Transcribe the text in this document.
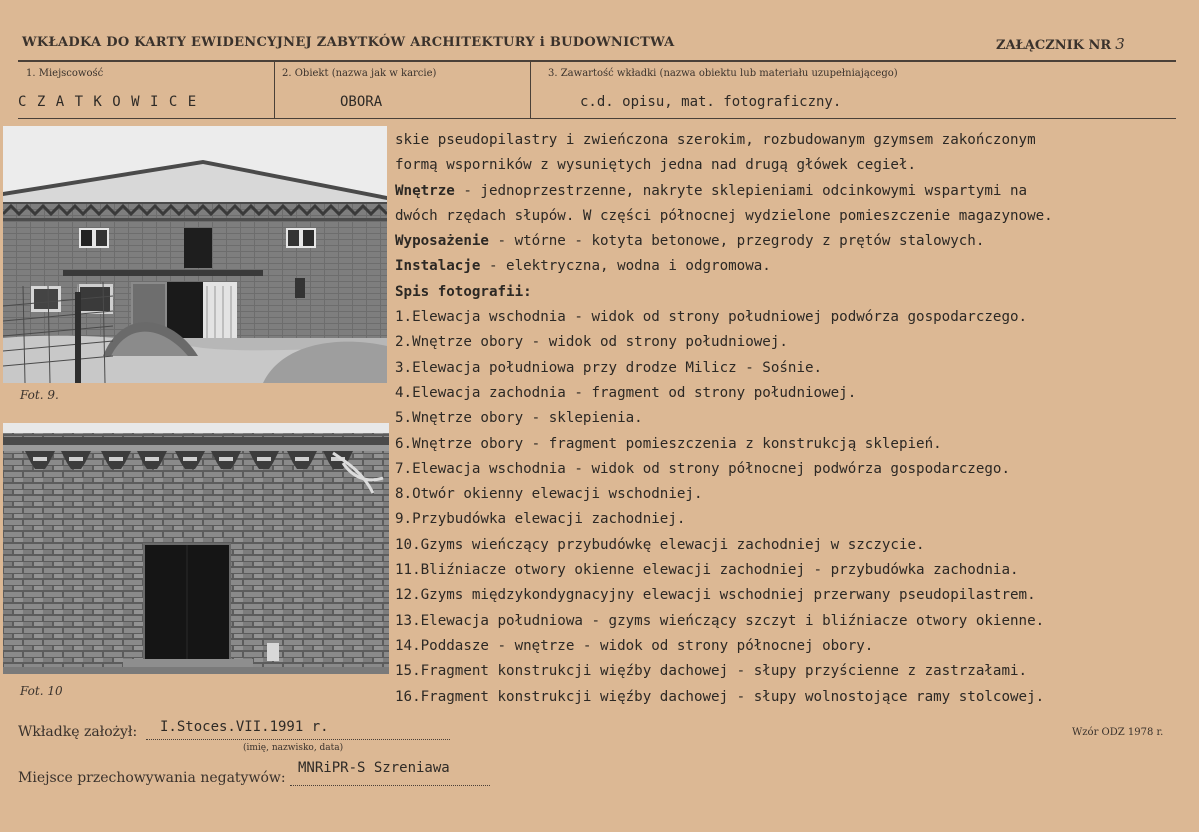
WKŁADKA DO KARTY EWIDENCYJNEJ ZABYTKÓW ARCHITEKTURY i BUDOWNICTWA	ZAŁĄCZNIK NR 3
1. Miejscowość
C Z A T K O W I C E
2. Obiekt (nazwa jak w karcie)
OBORA
3. Zawartość wkładki (nazwa obiektu lub materiału uzupełniającego)
c.d. opisu, mat. fotograficzny.
Fot. 9.
Fot. 10
skie pseudopilastry i zwieńczona szerokim, rozbudowanym gzymsem zakończonym
formą wsporników z wysuniętych jedna nad drugą główek cegieł.
Wnętrze - jednoprzestrzenne, nakryte sklepieniami odcinkowymi wspartymi na
dwóch rzędach słupów. W części północnej wydzielone pomieszczenie magazynowe.
Wyposażenie - wtórne - kotyta betonowe, przegrody z prętów stalowych.
Instalacje - elektryczna, wodna i odgromowa.
Spis fotografii:
1.Elewacja wschodnia - widok od strony południowej podwórza gospodarczego.
2.Wnętrze obory - widok od strony południowej.
3.Elewacja południowa przy drodze Milicz - Sośnie.
4.Elewacja zachodnia - fragment od strony południowej.
5.Wnętrze obory - sklepienia.
6.Wnętrze obory - fragment pomieszczenia z konstrukcją sklepień.
7.Elewacja wschodnia - widok od strony północnej podwórza gospodarczego.
8.Otwór okienny elewacji wschodniej.
9.Przybudówka elewacji zachodniej.
10.Gzyms wieńczący przybudówkę elewacji zachodniej w szczycie.
11.Bliźniacze otwory okienne elewacji zachodniej - przybudówka zachodnia.
12.Gzyms międzykondygnacyjny elewacji wschodniej przerwany pseudopilastrem.
13.Elewacja południowa - gzyms wieńczący szczyt i bliźniacze otwory okienne.
14.Poddasze - wnętrze - widok od strony północnej obory.
15.Fragment konstrukcji więźby dachowej - słupy przyścienne z zastrzałami.
16.Fragment konstrukcji więźby dachowej - słupy wolnostojące ramy stolcowej.
Wkładkę założył: I.Stoces.VII.1991 r.
(imię, nazwisko, data)
Wzór ODZ 1978 r.
Miejsce przechowywania negatywów:
MNRiPR-S Szreniawa
